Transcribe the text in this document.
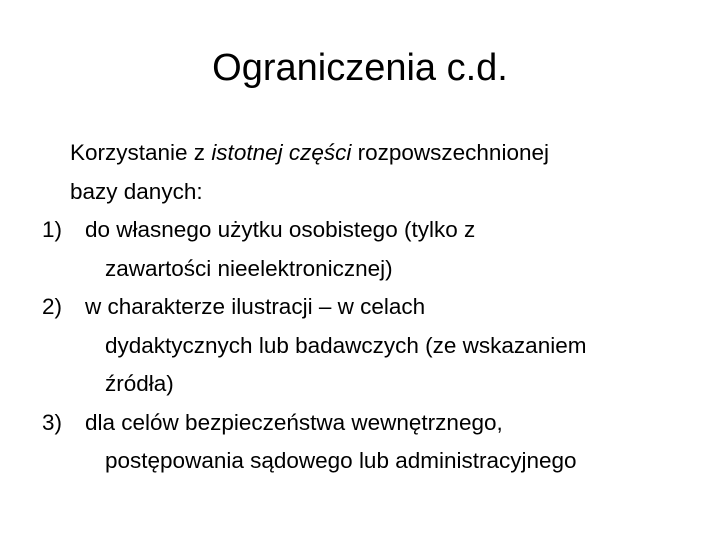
Ograniczenia c.d.

Korzystanie z istotnej części rozpowszechnionej
bazy danych:

1)	do własnego użytku osobistego (tylko z
zawartości nieelektronicznej)
2)	w charakterze ilustracji – w celach
dydaktycznych lub badawczych (ze wskazaniem
źródła)
3)	dla celów bezpieczeństwa wewnętrznego,
postępowania sądowego lub administracyjnego
